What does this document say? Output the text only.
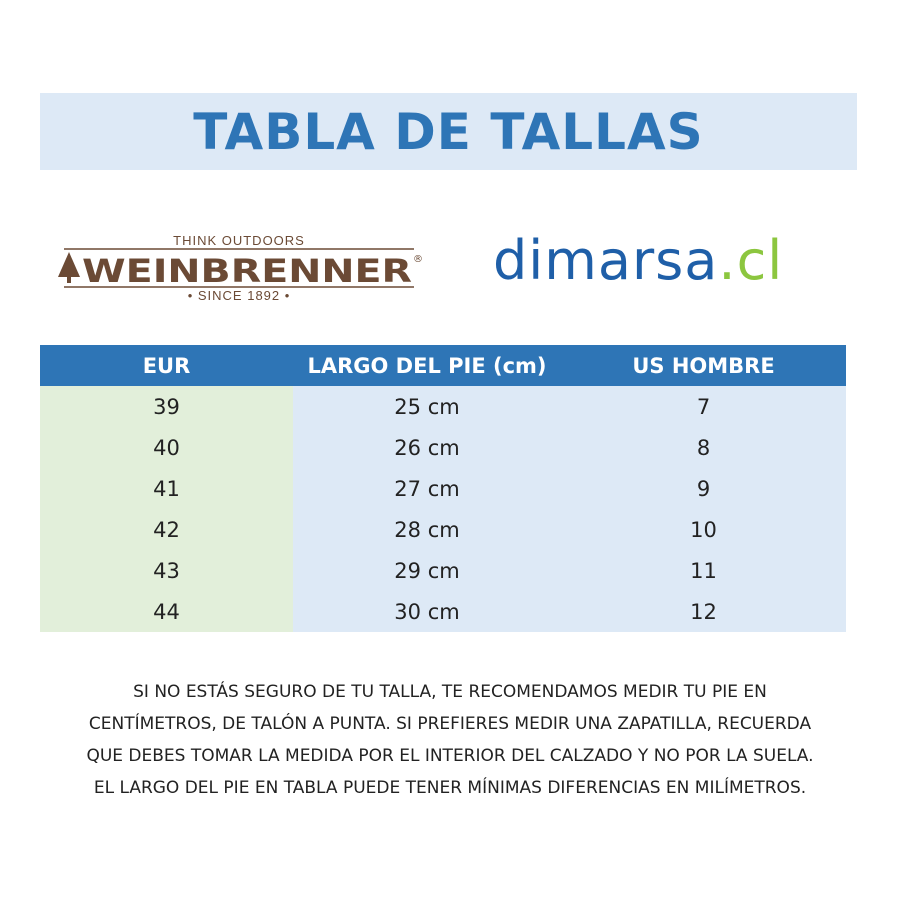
TABLA DE TALLAS
THINK OUTDOORS
WEINBRENNER ®
• SINCE 1892 •
dimarsa.cl
EUR	LARGO DEL PIE (cm)	US HOMBRE
39	25 cm	7
40	26 cm	8
41	27 cm	9
42	28 cm	10
43	29 cm	11
44	30 cm	12

SI NO ESTÁS SEGURO DE TU TALLA, TE RECOMENDAMOS MEDIR TU PIE EN

CENTÍMETROS, DE TALÓN A PUNTA. SI PREFIERES MEDIR UNA ZAPATILLA, RECUERDA

QUE DEBES TOMAR LA MEDIDA POR EL INTERIOR DEL CALZADO Y NO POR LA SUELA.

EL LARGO DEL PIE EN TABLA PUEDE TENER MÍNIMAS DIFERENCIAS EN MILÍMETROS.
